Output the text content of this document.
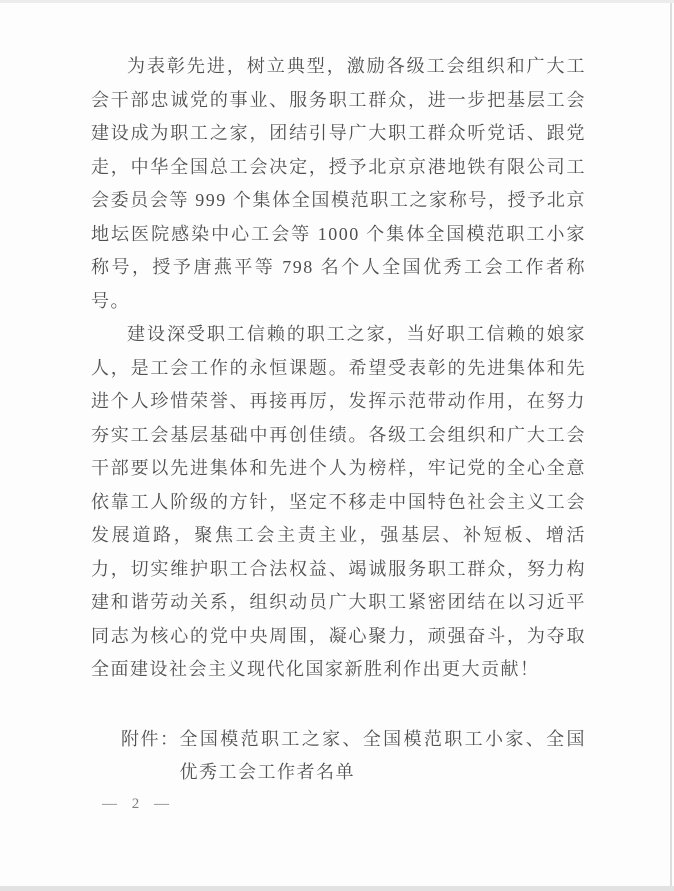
为表彰先进，树立典型，激励各级工会组织和广大工会干部忠诚党的事业、服务职工群众，进一步把基层工会建设成为职工之家，团结引导广大职工群众听党话、跟党走，中华全国总工会决定，授予北京京港地铁有限公司工会委员会等 999 个集体全国模范职工之家称号，授予北京地坛医院感染中心工会等 1000 个集体全国模范职工小家称号，授予唐燕平等 798 名个人全国优秀工会工作者称号。

建设深受职工信赖的职工之家，当好职工信赖的娘家人，是工会工作的永恒课题。希望受表彰的先进集体和先进个人珍惜荣誉、再接再厉，发挥示范带动作用，在努力夯实工会基层基础中再创佳绩。各级工会组织和广大工会干部要以先进集体和先进个人为榜样，牢记党的全心全意依靠工人阶级的方针，坚定不移走中国特色社会主义工会发展道路，聚焦工会主责主业，强基层、补短板、增活力，切实维护职工合法权益、竭诚服务职工群众，努力构建和谐劳动关系，组织动员广大职工紧密团结在以习近平同志为核心的党中央周围，凝心聚力，顽强奋斗，为夺取全面建设社会主义现代化国家新胜利作出更大贡献！

附件： 全国模范职工之家、全国模范职工小家、全国优秀工会工作者名单
— 2 —
